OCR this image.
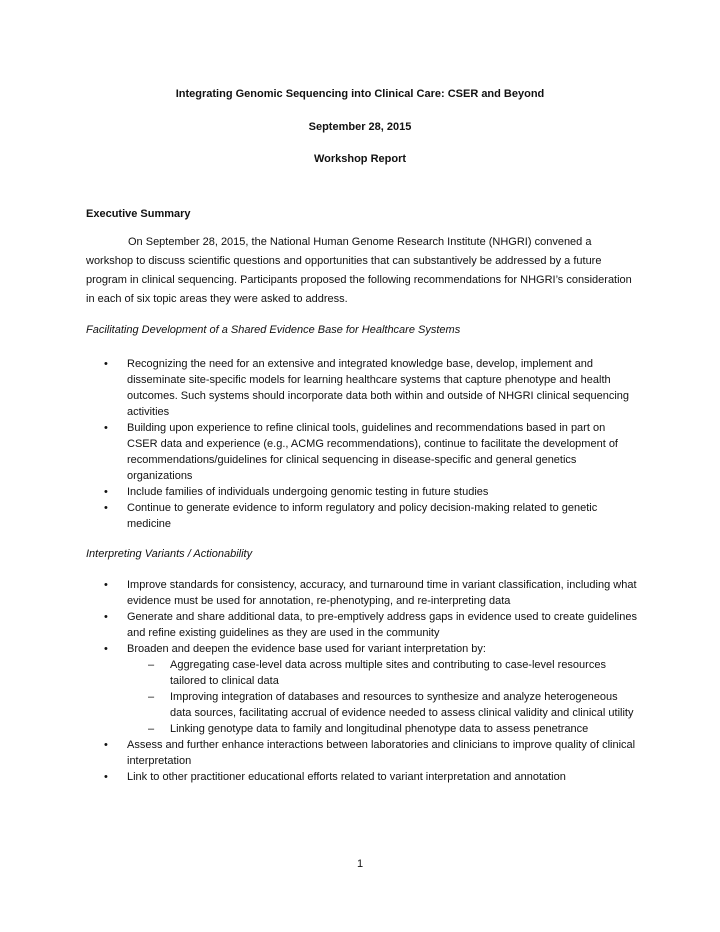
Integrating Genomic Sequencing into Clinical Care: CSER and Beyond
September 28, 2015
Workshop Report
Executive Summary
On September 28, 2015, the National Human Genome Research Institute (NHGRI) convened a workshop to discuss scientific questions and opportunities that can substantively be addressed by a future program in clinical sequencing. Participants proposed the following recommendations for NHGRI’s consideration in each of six topic areas they were asked to address.
Facilitating Development of a Shared Evidence Base for Healthcare Systems
• Recognizing the need for an extensive and integrated knowledge base, develop, implement and disseminate site-specific models for learning healthcare systems that capture phenotype and health outcomes. Such systems should incorporate data both within and outside of NHGRI clinical sequencing activities
• Building upon experience to refine clinical tools, guidelines and recommendations based in part on CSER data and experience (e.g., ACMG recommendations), continue to facilitate the development of recommendations/guidelines for clinical sequencing in disease-specific and general genetics organizations
• Include families of individuals undergoing genomic testing in future studies
• Continue to generate evidence to inform regulatory and policy decision-making related to genetic medicine
Interpreting Variants / Actionability
• Improve standards for consistency, accuracy, and turnaround time in variant classification, including what evidence must be used for annotation, re-phenotyping, and re-interpreting data
• Generate and share additional data, to pre-emptively address gaps in evidence used to create guidelines and refine existing guidelines as they are used in the community
• Broaden and deepen the evidence base used for variant interpretation by:
– Aggregating case-level data across multiple sites and contributing to case-level resources tailored to clinical data
– Improving integration of databases and resources to synthesize and analyze heterogeneous data sources, facilitating accrual of evidence needed to assess clinical validity and clinical utility
– Linking genotype data to family and longitudinal phenotype data to assess penetrance
• Assess and further enhance interactions between laboratories and clinicians to improve quality of clinical interpretation
• Link to other practitioner educational efforts related to variant interpretation and annotation
1
